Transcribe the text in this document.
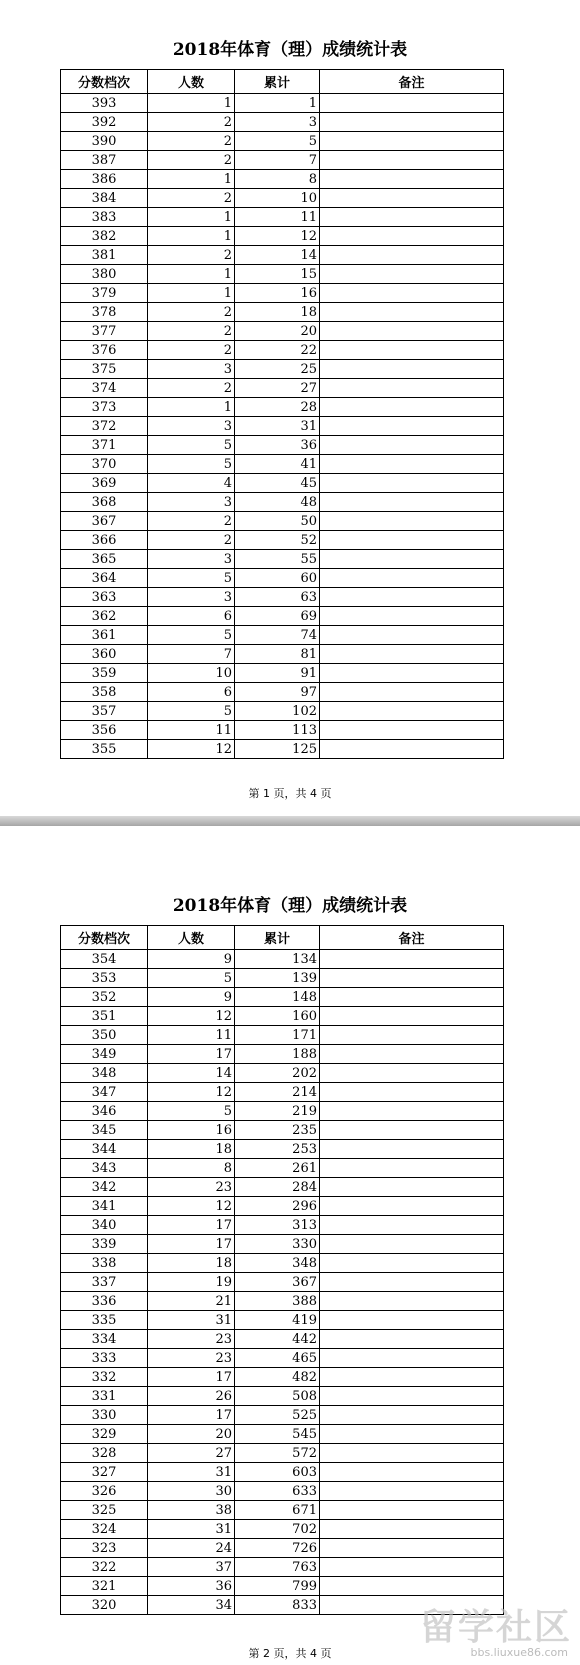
2018年体育（理）成绩统计表
分数档次	人数	累计	备注
393	1	1	
392	2	3	
390	2	5	
387	2	7	
386	1	8	
384	2	10	
383	1	11	
382	1	12	
381	2	14	
380	1	15	
379	1	16	
378	2	18	
377	2	20	
376	2	22	
375	3	25	
374	2	27	
373	1	28	
372	3	31	
371	5	36	
370	5	41	
369	4	45	
368	3	48	
367	2	50	
366	2	52	
365	3	55	
364	5	60	
363	3	63	
362	6	69	
361	5	74	
360	7	81	
359	10	91	
358	6	97	
357	5	102	
356	11	113	
355	12	125	
第 1 页，共 4 页
2018年体育（理）成绩统计表
分数档次	人数	累计	备注
354	9	134	
353	5	139	
352	9	148	
351	12	160	
350	11	171	
349	17	188	
348	14	202	
347	12	214	
346	5	219	
345	16	235	
344	18	253	
343	8	261	
342	23	284	
341	12	296	
340	17	313	
339	17	330	
338	18	348	
337	19	367	
336	21	388	
335	31	419	
334	23	442	
333	23	465	
332	17	482	
331	26	508	
330	17	525	
329	20	545	
328	27	572	
327	31	603	
326	30	633	
325	38	671	
324	31	702	
323	24	726	
322	37	763	
321	36	799	
320	34	833	
第 2 页，共 4 页
留学社区
bbs.liuxue86.com
